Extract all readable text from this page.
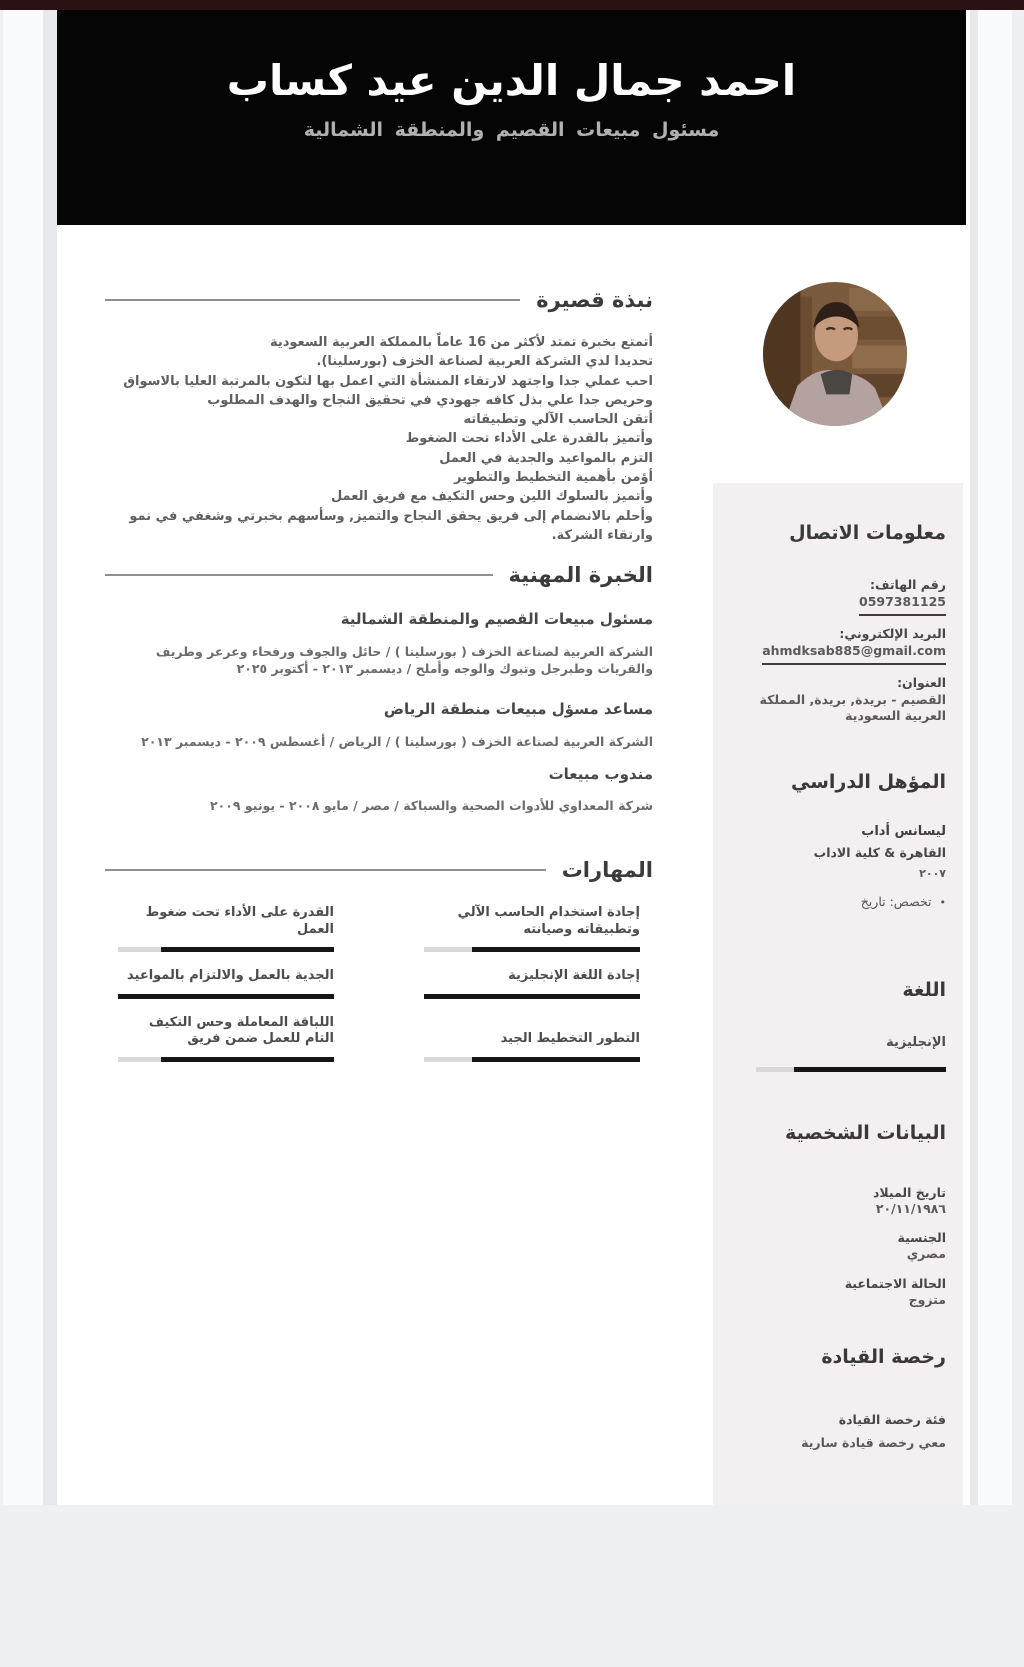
احمد جمال الدين عيد كساب
مسئول مبيعات القصيم والمنطقة الشمالية
نبذة قصيرة
أتمتع بخبرة تمتد لأكثر من 16 عاماً بالمملكة العربية السعودية
تحديدا لدي الشركة العربية لصناعة الخزف (بورسلينا).
احب عملي جدا واجتهد لارتقاء المنشأة التي اعمل بها لتكون بالمرتبة العليا بالاسواق
وحريص جدا علي بذل كافه جهودي في تحقيق النجاح والهدف المطلوب
أتقن الحاسب الآلي وتطبيقاته
وأتميز بالقدرة على الأداء تحت الضغوط
التزم بالمواعيد والجدية في العمل
أؤمن بأهمية التخطيط والتطوير
وأتميز بالسلوك اللين وحس التكيف مع فريق العمل
وأحلم بالانضمام إلى فريق يحقق النجاح والتميز, وسأسهم بخبرتي وشغفي في نمو وارتقاء الشركة.
الخبرة المهنية
مسئول مبيعات القصيم والمنطقة الشمالية
الشركة العربية لصناعة الخزف ( بورسلينا ) / حائل والجوف ورفحاء وعرعر وطريف والقريات وطبرجل وتبوك والوجه وأملح / ديسمبر ٢٠١٣ - أكتوبر ٢٠٢٥
مساعد مسؤل مبيعات منطقة الرياض
الشركة العربية لصناعة الخزف ( بورسلينا ) / الرياض / أغسطس ٢٠٠٩ - ديسمبر ٢٠١٣
مندوب مبيعات
شركة المعداوي للأدوات الصحية والسباكة / مصر / مايو ٢٠٠٨ - يونيو ٢٠٠٩
المهارات
إجادة استخدام الحاسب الآلي وتطبيقاته وصيانته
القدرة على الأداء تحت ضغوط العمل
إجادة اللغة الإنجليزية
الجدية بالعمل والالتزام بالمواعيد
التطور التخطيط الجيد
اللباقة المعاملة وحس التكيف التام للعمل ضمن فريق
معلومات الاتصال
رقم الهاتف:
0597381125
البريد الإلكتروني:
ahmdksab885@gmail.com
العنوان:
القصيم - بريدة, بريدة, المملكة العربية السعودية
المؤهل الدراسي
ليسانس أداب
القاهرة & كلية الاداب
٢٠٠٧
•تخصص: تاريخ
اللغة
الإنجليزية
البيانات الشخصية
تاريخ الميلاد
٢٠/١١/١٩٨٦
الجنسية
مصري
الحالة الاجتماعية
متزوج
رخصة القيادة
فئة رخصة القيادة
معي رخصة قيادة سارية
